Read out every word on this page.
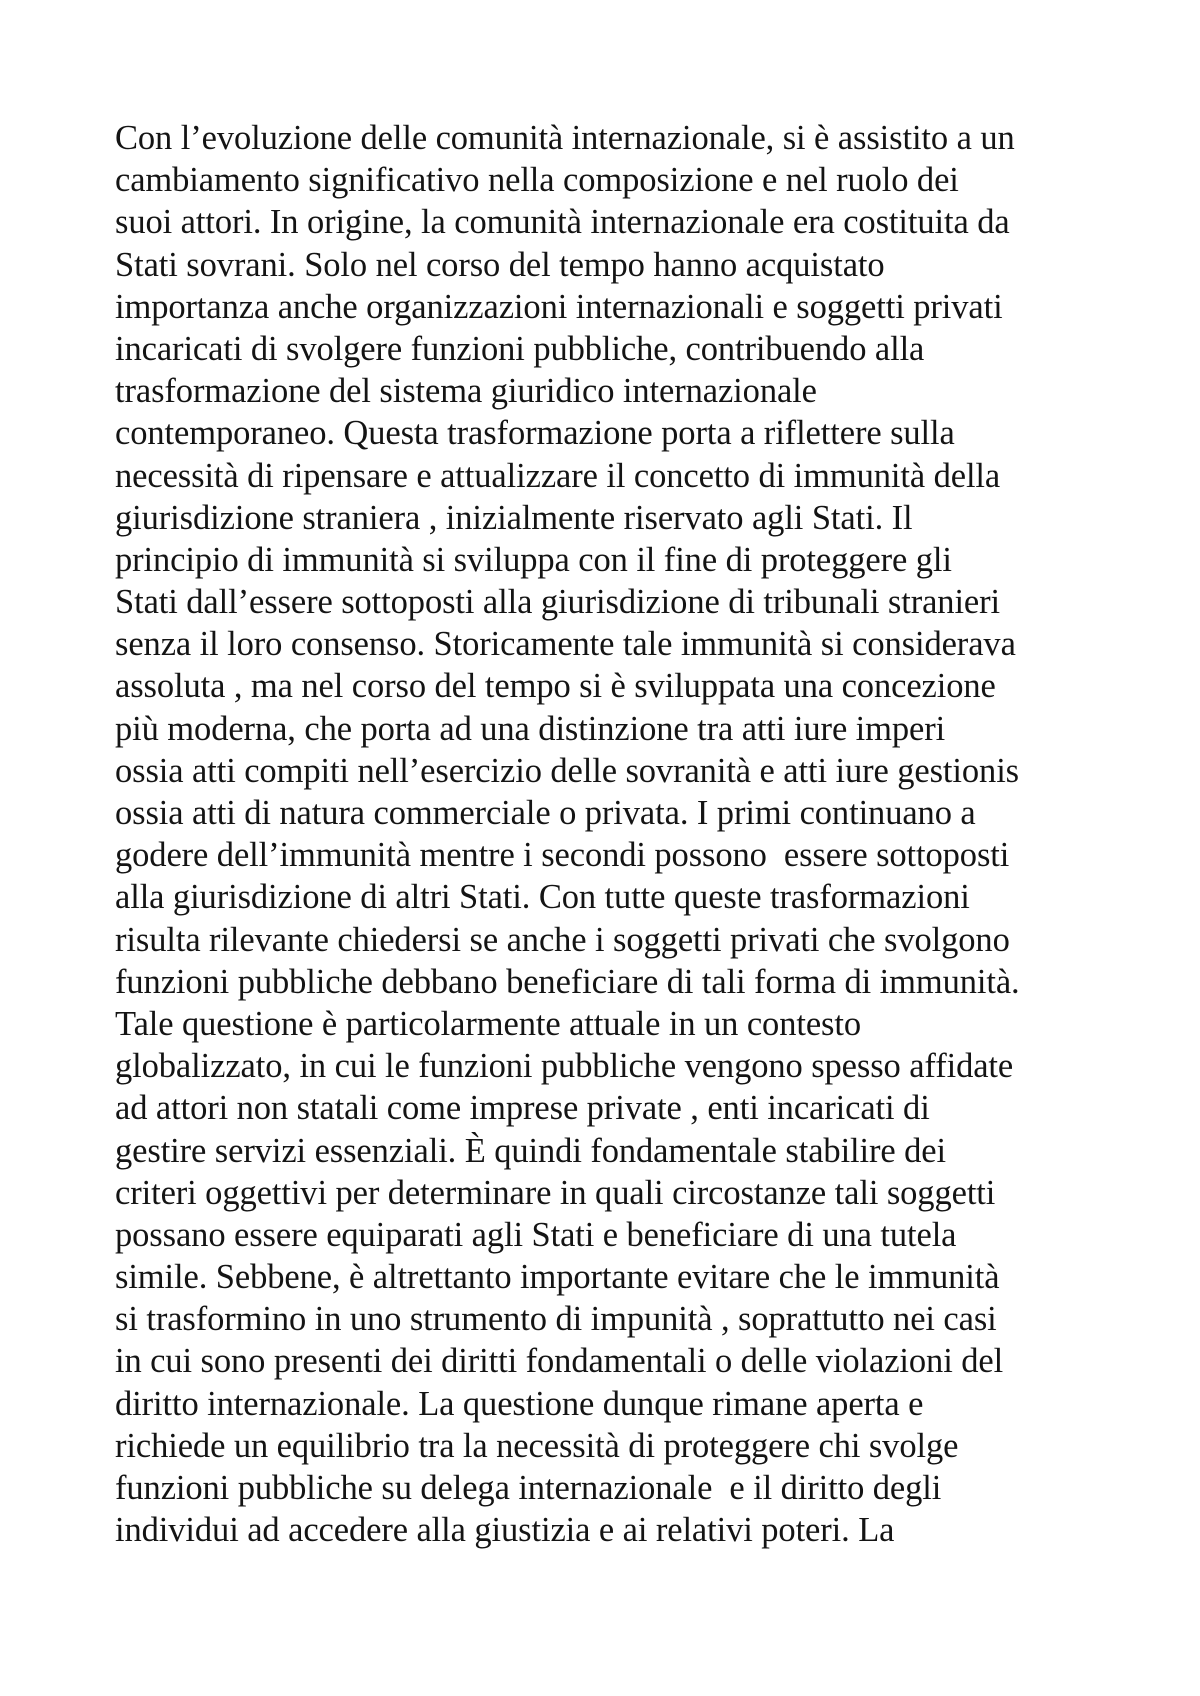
Con l’evoluzione delle comunità internazionale, si è assistito a un
cambiamento significativo nella composizione e nel ruolo dei
suoi attori. In origine, la comunità internazionale era costituita da
Stati sovrani. Solo nel corso del tempo hanno acquistato
importanza anche organizzazioni internazionali e soggetti privati
incaricati di svolgere funzioni pubbliche, contribuendo alla
trasformazione del sistema giuridico internazionale
contemporaneo. Questa trasformazione porta a riflettere sulla
necessità di ripensare e attualizzare il concetto di immunità della
giurisdizione straniera , inizialmente riservato agli Stati. Il
principio di immunità si sviluppa con il fine di proteggere gli
Stati dall’essere sottoposti alla giurisdizione di tribunali stranieri
senza il loro consenso. Storicamente tale immunità si considerava
assoluta , ma nel corso del tempo si è sviluppata una concezione
più moderna, che porta ad una distinzione tra atti iure imperi
ossia atti compiti nell’esercizio delle sovranità e atti iure gestionis
ossia atti di natura commerciale o privata. I primi continuano a
godere dell’immunità mentre i secondi possono  essere sottoposti
alla giurisdizione di altri Stati. Con tutte queste trasformazioni
risulta rilevante chiedersi se anche i soggetti privati che svolgono
funzioni pubbliche debbano beneficiare di tali forma di immunità.
Tale questione è particolarmente attuale in un contesto
globalizzato, in cui le funzioni pubbliche vengono spesso affidate
ad attori non statali come imprese private , enti incaricati di
gestire servizi essenziali. È quindi fondamentale stabilire dei
criteri oggettivi per determinare in quali circostanze tali soggetti
possano essere equiparati agli Stati e beneficiare di una tutela
simile. Sebbene, è altrettanto importante evitare che le immunità
si trasformino in uno strumento di impunità , soprattutto nei casi
in cui sono presenti dei diritti fondamentali o delle violazioni del
diritto internazionale. La questione dunque rimane aperta e
richiede un equilibrio tra la necessità di proteggere chi svolge
funzioni pubbliche su delega internazionale  e il diritto degli
individui ad accedere alla giustizia e ai relativi poteri. La
